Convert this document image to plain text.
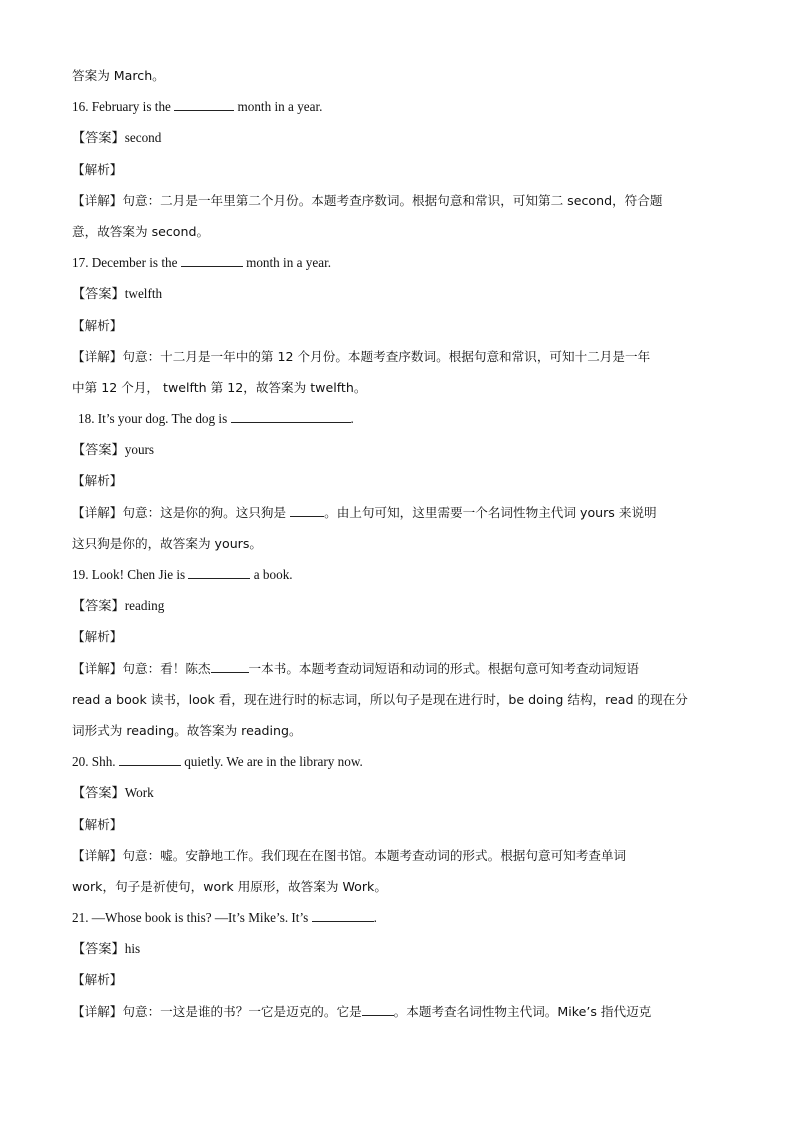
答案为 March。
16. February is the	month in a year.
【答案】second
【解析】
【详解】句意：二月是一年里第二个月份。本题考查序数词。根据句意和常识，可知第二 second，符合题
意，故答案为 second。
17. December is the	month in a year.
【答案】twelfth
【解析】
【详解】句意：十二月是一年中的第 12 个月份。本题考查序数词。根据句意和常识，可知十二月是一年
中第 12 个月， twelfth 第 12，故答案为 twelfth。
18. It’s your dog. The dog is	.
【答案】yours
【解析】
【详解】句意：这是你的狗。这只狗是	。由上句可知，这里需要一个名词性物主代词 yours 来说明
这只狗是你的，故答案为 yours。
19. Look! Chen Jie is	a book.
【答案】reading
【解析】
【详解】句意：看！陈杰	一本书。本题考查动词短语和动词的形式。根据句意可知考查动词短语
read a book 读书，look 看，现在进行时的标志词，所以句子是现在进行时，be doing 结构，read 的现在分
词形式为 reading。故答案为 reading。
20. Shh.	quietly. We are in the library now.
【答案】Work
【解析】
【详解】句意：嘘。安静地工作。我们现在在图书馆。本题考查动词的形式。根据句意可知考查单词
work，句子是祈使句，work 用原形，故答案为 Work。
21. —Whose book is this? —It’s Mike’s. It’s	.
【答案】his
【解析】
【详解】句意：一这是谁的书？一它是迈克的。它是	。本题考查名词性物主代词。Mike’s 指代迈克
